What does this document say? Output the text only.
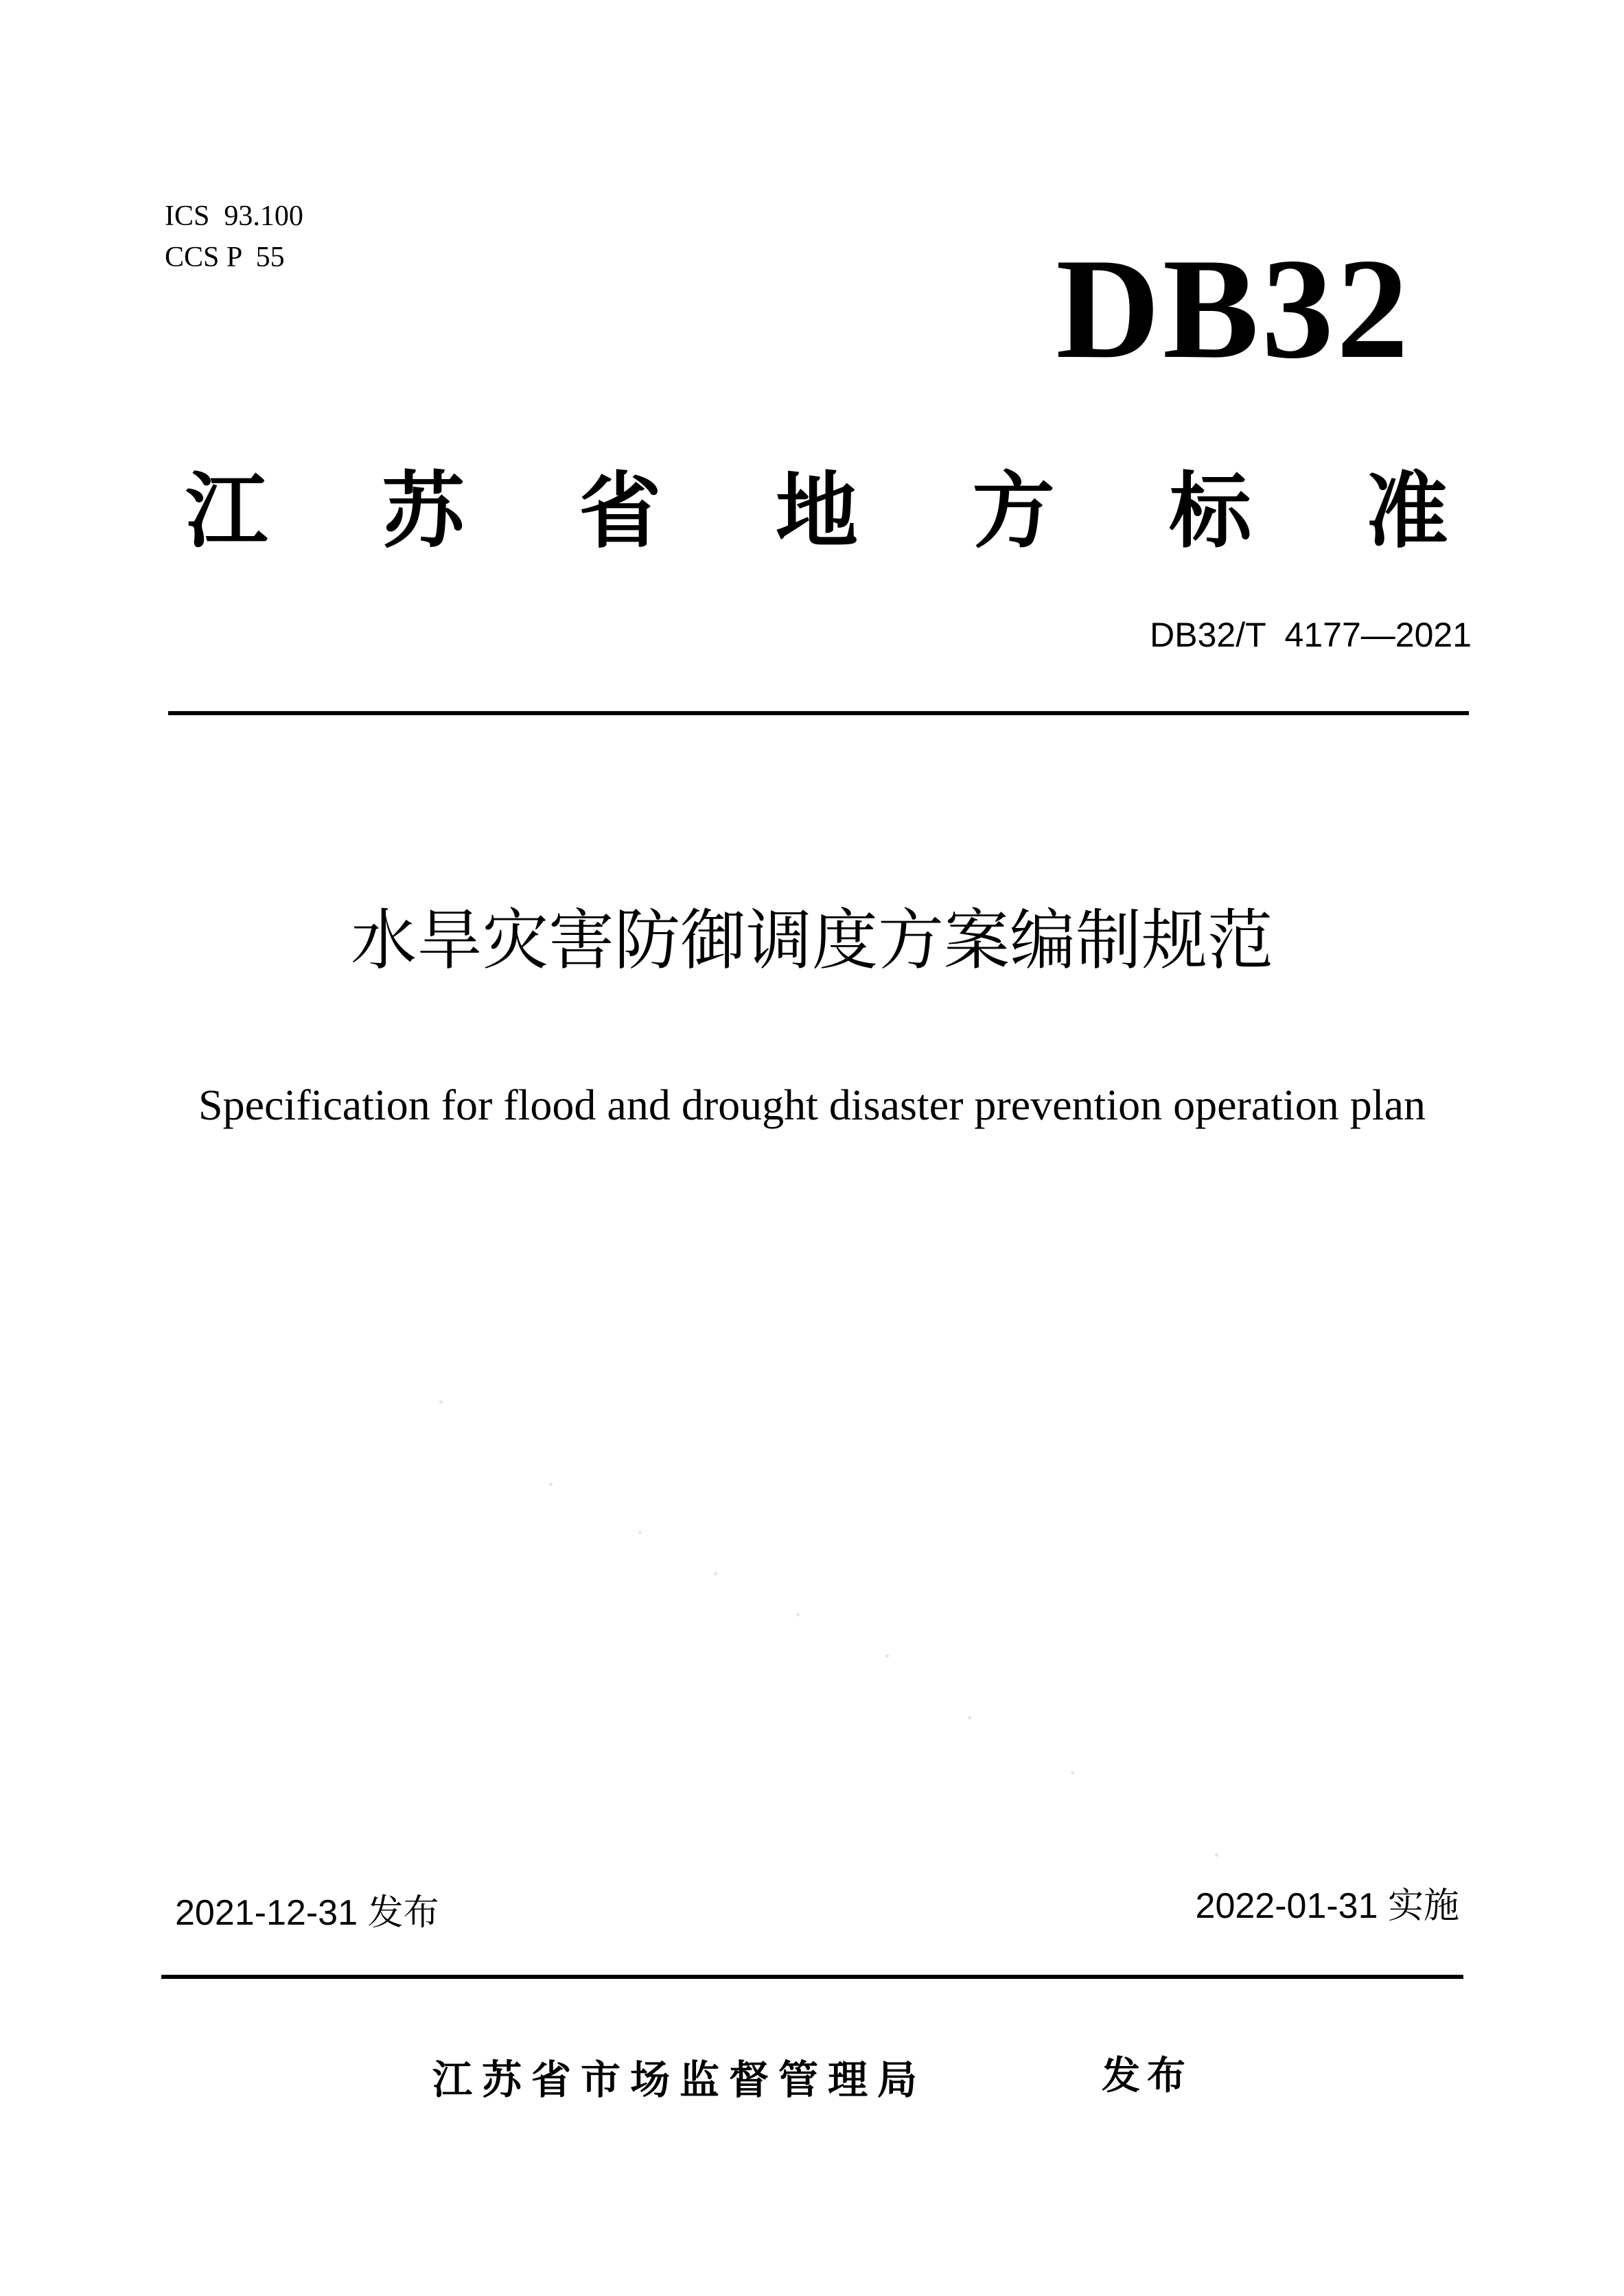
ICS  93.100
CCS P  55	DB32
江 苏 省 地 方 标 准
DB32/T  4177—2021
水旱灾害防御调度方案编制规范
Specification for flood and drought disaster prevention operation plan
2021-12-31 发布	2022-01-31 实施
江苏省市场监督管理局	发布
